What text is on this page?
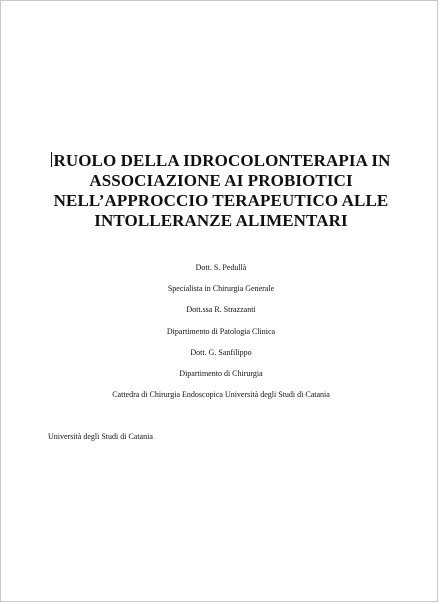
RUOLO DELLA IDROCOLONTERAPIA IN
ASSOCIAZIONE AI PROBIOTICI
NELL’APPROCCIO TERAPEUTICO ALLE
INTOLLERANZE ALIMENTARI
Dott. S. Pedullà
Specialista in Chirurgia Generale
Dott.ssa R. Strazzanti
Dipartimento di Patologia Clinica
Dott. G. Sanfilippo
Dipartimento di Chirurgia
Cattedra di Chirurgia Endoscopica Università degli Studi di Catania
Università degli Studi di Catania
